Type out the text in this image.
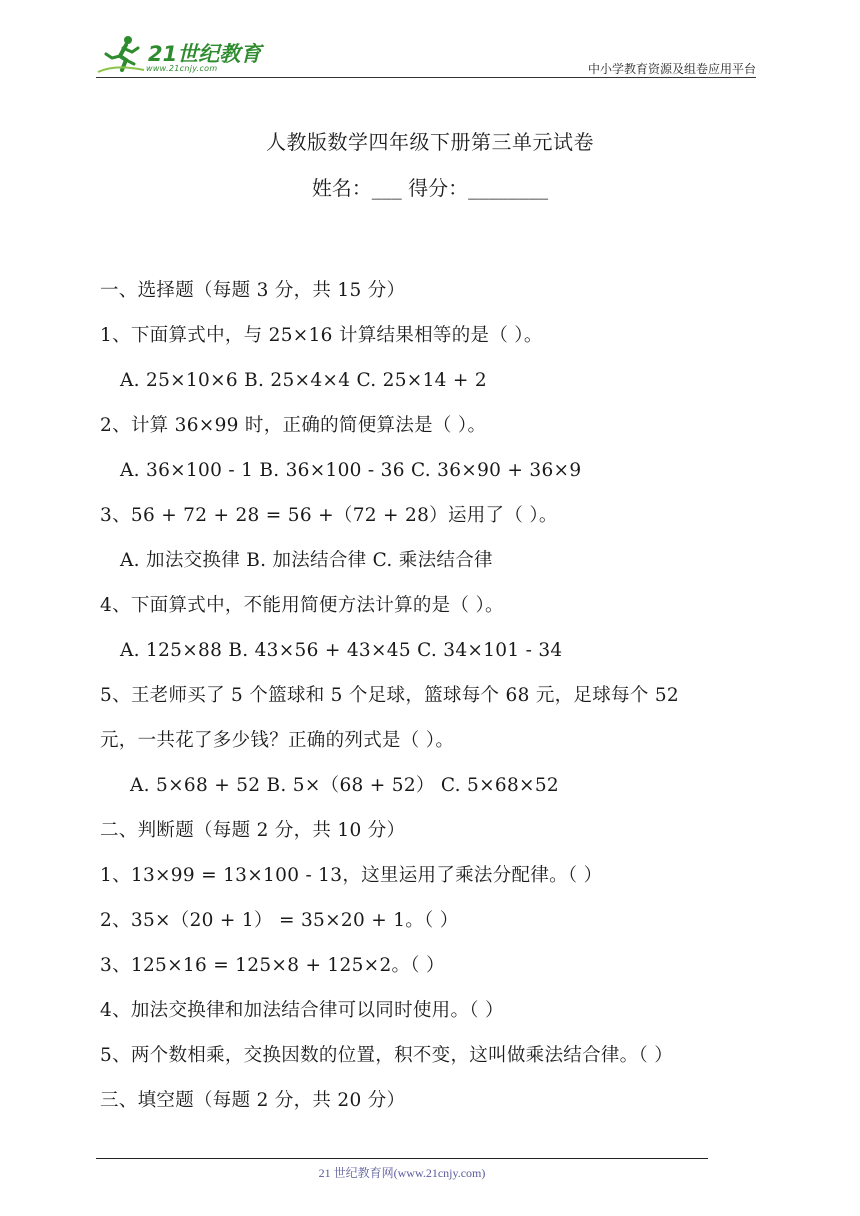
21世纪教育
www.21cnjy.com	中小学教育资源及组卷应用平台
人教版数学四年级下册第三单元试卷
姓名：___ 得分：________
一、选择题（每题 3 分，共 15 分）
1、下面算式中，与 25×16 计算结果相等的是（ ）。
A. 25×10×6 B. 25×4×4 C. 25×14 + 2
2、计算 36×99 时，正确的简便算法是（ ）。
A. 36×100 - 1 B. 36×100 - 36 C. 36×90 + 36×9
3、56 + 72 + 28 = 56 +（72 + 28）运用了（ ）。
A. 加法交换律 B. 加法结合律 C. 乘法结合律
4、下面算式中，不能用简便方法计算的是（ ）。
A. 125×88 B. 43×56 + 43×45 C. 34×101 - 34
5、王老师买了 5 个篮球和 5 个足球，篮球每个 68 元，足球每个 52
元，一共花了多少钱？正确的列式是（ ）。
A. 5×68 + 52 B. 5×（68 + 52） C. 5×68×52
二、判断题（每题 2 分，共 10 分）
1、13×99 = 13×100 - 13，这里运用了乘法分配律。（ ）
2、35×（20 + 1） = 35×20 + 1。（ ）
3、125×16 = 125×8 + 125×2。（ ）
4、加法交换律和加法结合律可以同时使用。（ ）
5、两个数相乘，交换因数的位置，积不变，这叫做乘法结合律。（ ）
三、填空题（每题 2 分，共 20 分）
21 世纪教育网(www.21cnjy.com)
